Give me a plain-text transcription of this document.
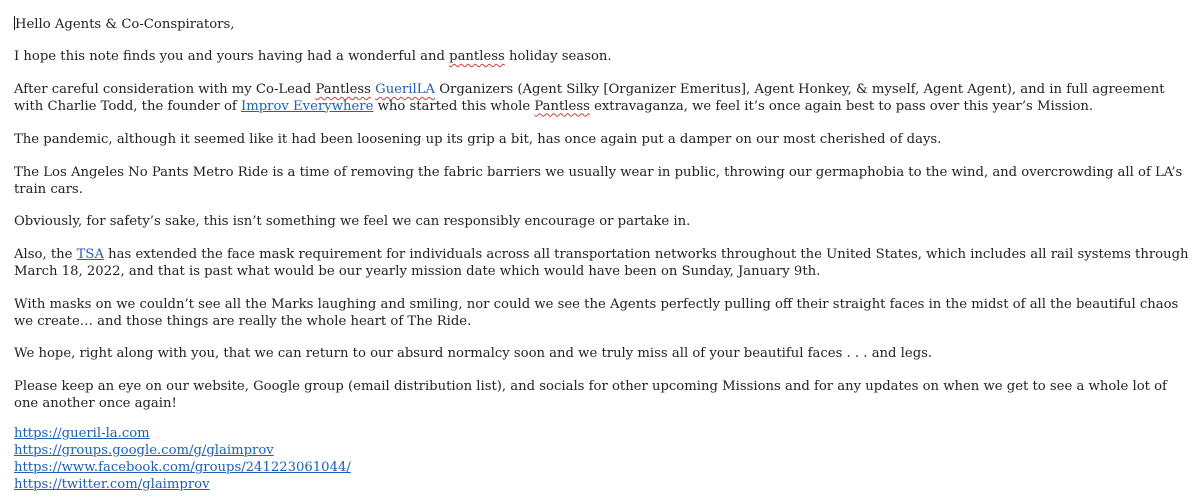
Hello Agents & Co-Conspirators,

I hope this note finds you and yours having had a wonderful and pantless holiday season.

After careful consideration with my Co-Lead Pantless GuerilLA Organizers (Agent Silky [Organizer Emeritus], Agent Honkey, & myself, Agent Agent), and in full agreement with Charlie Todd, the founder of Improv Everywhere who started this whole Pantless extravaganza, we feel it’s once again best to pass over this year’s Mission.

The pandemic, although it seemed like it had been loosening up its grip a bit, has once again put a damper on our most cherished of days.

The Los Angeles No Pants Metro Ride is a time of removing the fabric barriers we usually wear in public, throwing our germaphobia to the wind, and overcrowding all of LA’s train cars.

Obviously, for safety’s sake, this isn’t something we feel we can responsibly encourage or partake in.

Also, the TSA has extended the face mask requirement for individuals across all transportation networks throughout the United States, which includes all rail systems through March 18, 2022, and that is past what would be our yearly mission date which would have been on Sunday, January 9th.

With masks on we couldn’t see all the Marks laughing and smiling, nor could we see the Agents perfectly pulling off their straight faces in the midst of all the beautiful chaos we create… and those things are really the whole heart of The Ride.

We hope, right along with you, that we can return to our absurd normalcy soon and we truly miss all of your beautiful faces . . . and legs.

Please keep an eye on our website, Google group (email distribution list), and socials for other upcoming Missions and for any updates on when we get to see a whole lot of one another once again!

https://gueril-la.com
https://groups.google.com/g/glaimprov
https://www.facebook.com/groups/241223061044/
https://twitter.com/glaimprov
